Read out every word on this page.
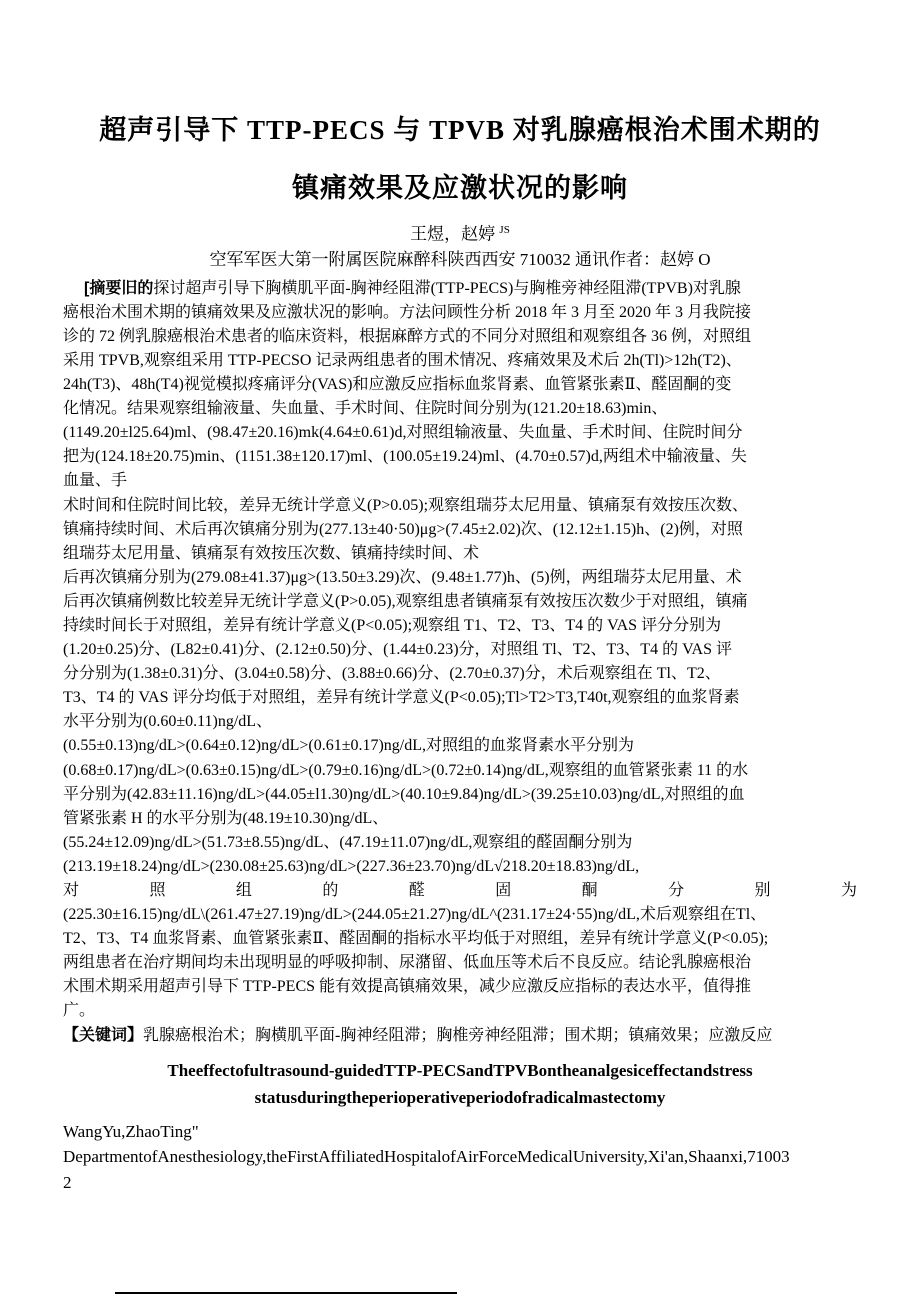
超声引导下 TTP-PECS 与 TPVB 对乳腺癌根治术围术期的
镇痛效果及应激状况的影响
王煜，赵婷 $^{JS}$
空军军医大第一附属医院麻醉科陕西西安 710032 通讯作者：赵婷 O
[摘要旧的探讨超声引导下胸横肌平面-胸神经阻滞(TTP-PECS)与胸椎旁神经阻滞(TPVB)对乳腺
癌根治术围术期的镇痛效果及应激状况的影响。方法问顾性分析 2018 年 3 月至 2020 年 3 月我院接
诊的 72 例乳腺癌根治术患者的临床资料，根据麻醉方式的不同分对照组和观察组各 36 例，对照组
采用 TPVB,观察组采用 TTP-PECSO 记录两组患者的围术情况、疼痛效果及术后 2h(Tl)>12h(T2)、
24h(T3)、48h(T4)视觉模拟疼痛评分(VAS)和应激反应指标血浆肾素、血管紧张素Ⅱ、醛固酮的变
化情况。结果观察组输液量、失血量、手术时间、住院时间分别为(121.20±18.63)min、
(1149.20±l25.64)ml、(98.47±20.16)mk(4.64±0.61)d,对照组输液量、失血量、手术时间、住院时间分
把为(124.18±20.75)min、(1151.38±120.17)ml、(100.05±19.24)ml、(4.70±0.57)d,两组术中输液量、失
血量、手
术时间和住院时间比较，差异无统计学意义(P>0.05);观察组瑞芬太尼用量、镇痛泵有效按压次数、
镇痛持续时间、术后再次镇痛分别为(277.13±40·50)μg>(7.45±2.02)次、(12.12±1.15)h、(2)例，对照
组瑞芬太尼用量、镇痛泵有效按压次数、镇痛持续时间、术
后再次镇痛分别为(279.08±41.37)μg>(13.50±3.29)次、(9.48±1.77)h、(5)例，两组瑞芬太尼用量、术
后再次镇痛例数比较差异无统计学意义(P>0.05),观察组患者镇痛泵有效按压次数少于对照组，镇痛
持续时间长于对照组，差异有统计学意义(P<0.05);观察组 T1、T2、T3、T4 的 VAS 评分分别为
(1.20±0.25)分、(L82±0.41)分、(2.12±0.50)分、(1.44±0.23)分，对照组 Tl、T2、T3、T4 的 VAS 评
分分别为(1.38±0.31)分、(3.04±0.58)分、(3.88±0.66)分、(2.70±0.37)分，术后观察组在 Tl、T2、
T3、T4 的 VAS 评分均低于对照组，差异有统计学意义(P<0.05);Tl>T2>T3,T40t,观察组的血浆肾素
水平分别为(0.60±0.11)ng/dL、
(0.55±0.13)ng/dL>(0.64±0.12)ng/dL>(0.61±0.17)ng/dL,对照组的血浆肾素水平分别为
(0.68±0.17)ng/dL>(0.63±0.15)ng/dL>(0.79±0.16)ng/dL>(0.72±0.14)ng/dL,观察组的血管紧张素 11 的水
平分别为(42.83±11.16)ng/dL>(44.05±l1.30)ng/dL>(40.10±9.84)ng/dL>(39.25±10.03)ng/dL,对照组的血
管紧张素 H 的水平分别为(48.19±10.30)ng/dL、
(55.24±12.09)ng/dL>(51.73±8.55)ng/dL、(47.19±11.07)ng/dL,观察组的醛固酮分别为
(213.19±18.24)ng/dL>(230.08±25.63)ng/dL>(227.36±23.70)ng/dL√218.20±18.83)ng/dL,
对照组的醛固酮分别为
(225.30±16.15)ng/dL\(261.47±27.19)ng/dL>(244.05±21.27)ng/dL^(231.17±24·55)ng/dL,术后观察组在Tl、
T2、T3、T4 血浆肾素、血管紧张素Ⅱ、醛固酮的指标水平均低于对照组，差异有统计学意义(P<0.05);
两组患者在治疗期间均未出现明显的呼吸抑制、尿潴留、低血压等术后不良反应。结论乳腺癌根治
术围术期采用超声引导下 TTP-PECS 能有效提高镇痛效果，减少应激反应指标的表达水平，值得推
广。
【关键词】乳腺癌根治术；胸横肌平面-胸神经阻滞；胸椎旁神经阻滞；围术期；镇痛效果；应激反应
Theeffectofultrasound-guidedTTP-PECSandTPVBontheanalgesiceffectandstress
statusduringtheperioperativeperiodofradicalmastectomy
WangYu,ZhaoTing"
DepartmentofAnesthesiology,theFirstAffiliatedHospitalofAirForceMedicalUniversity,Xi'an,Shaanxi,71003
2
